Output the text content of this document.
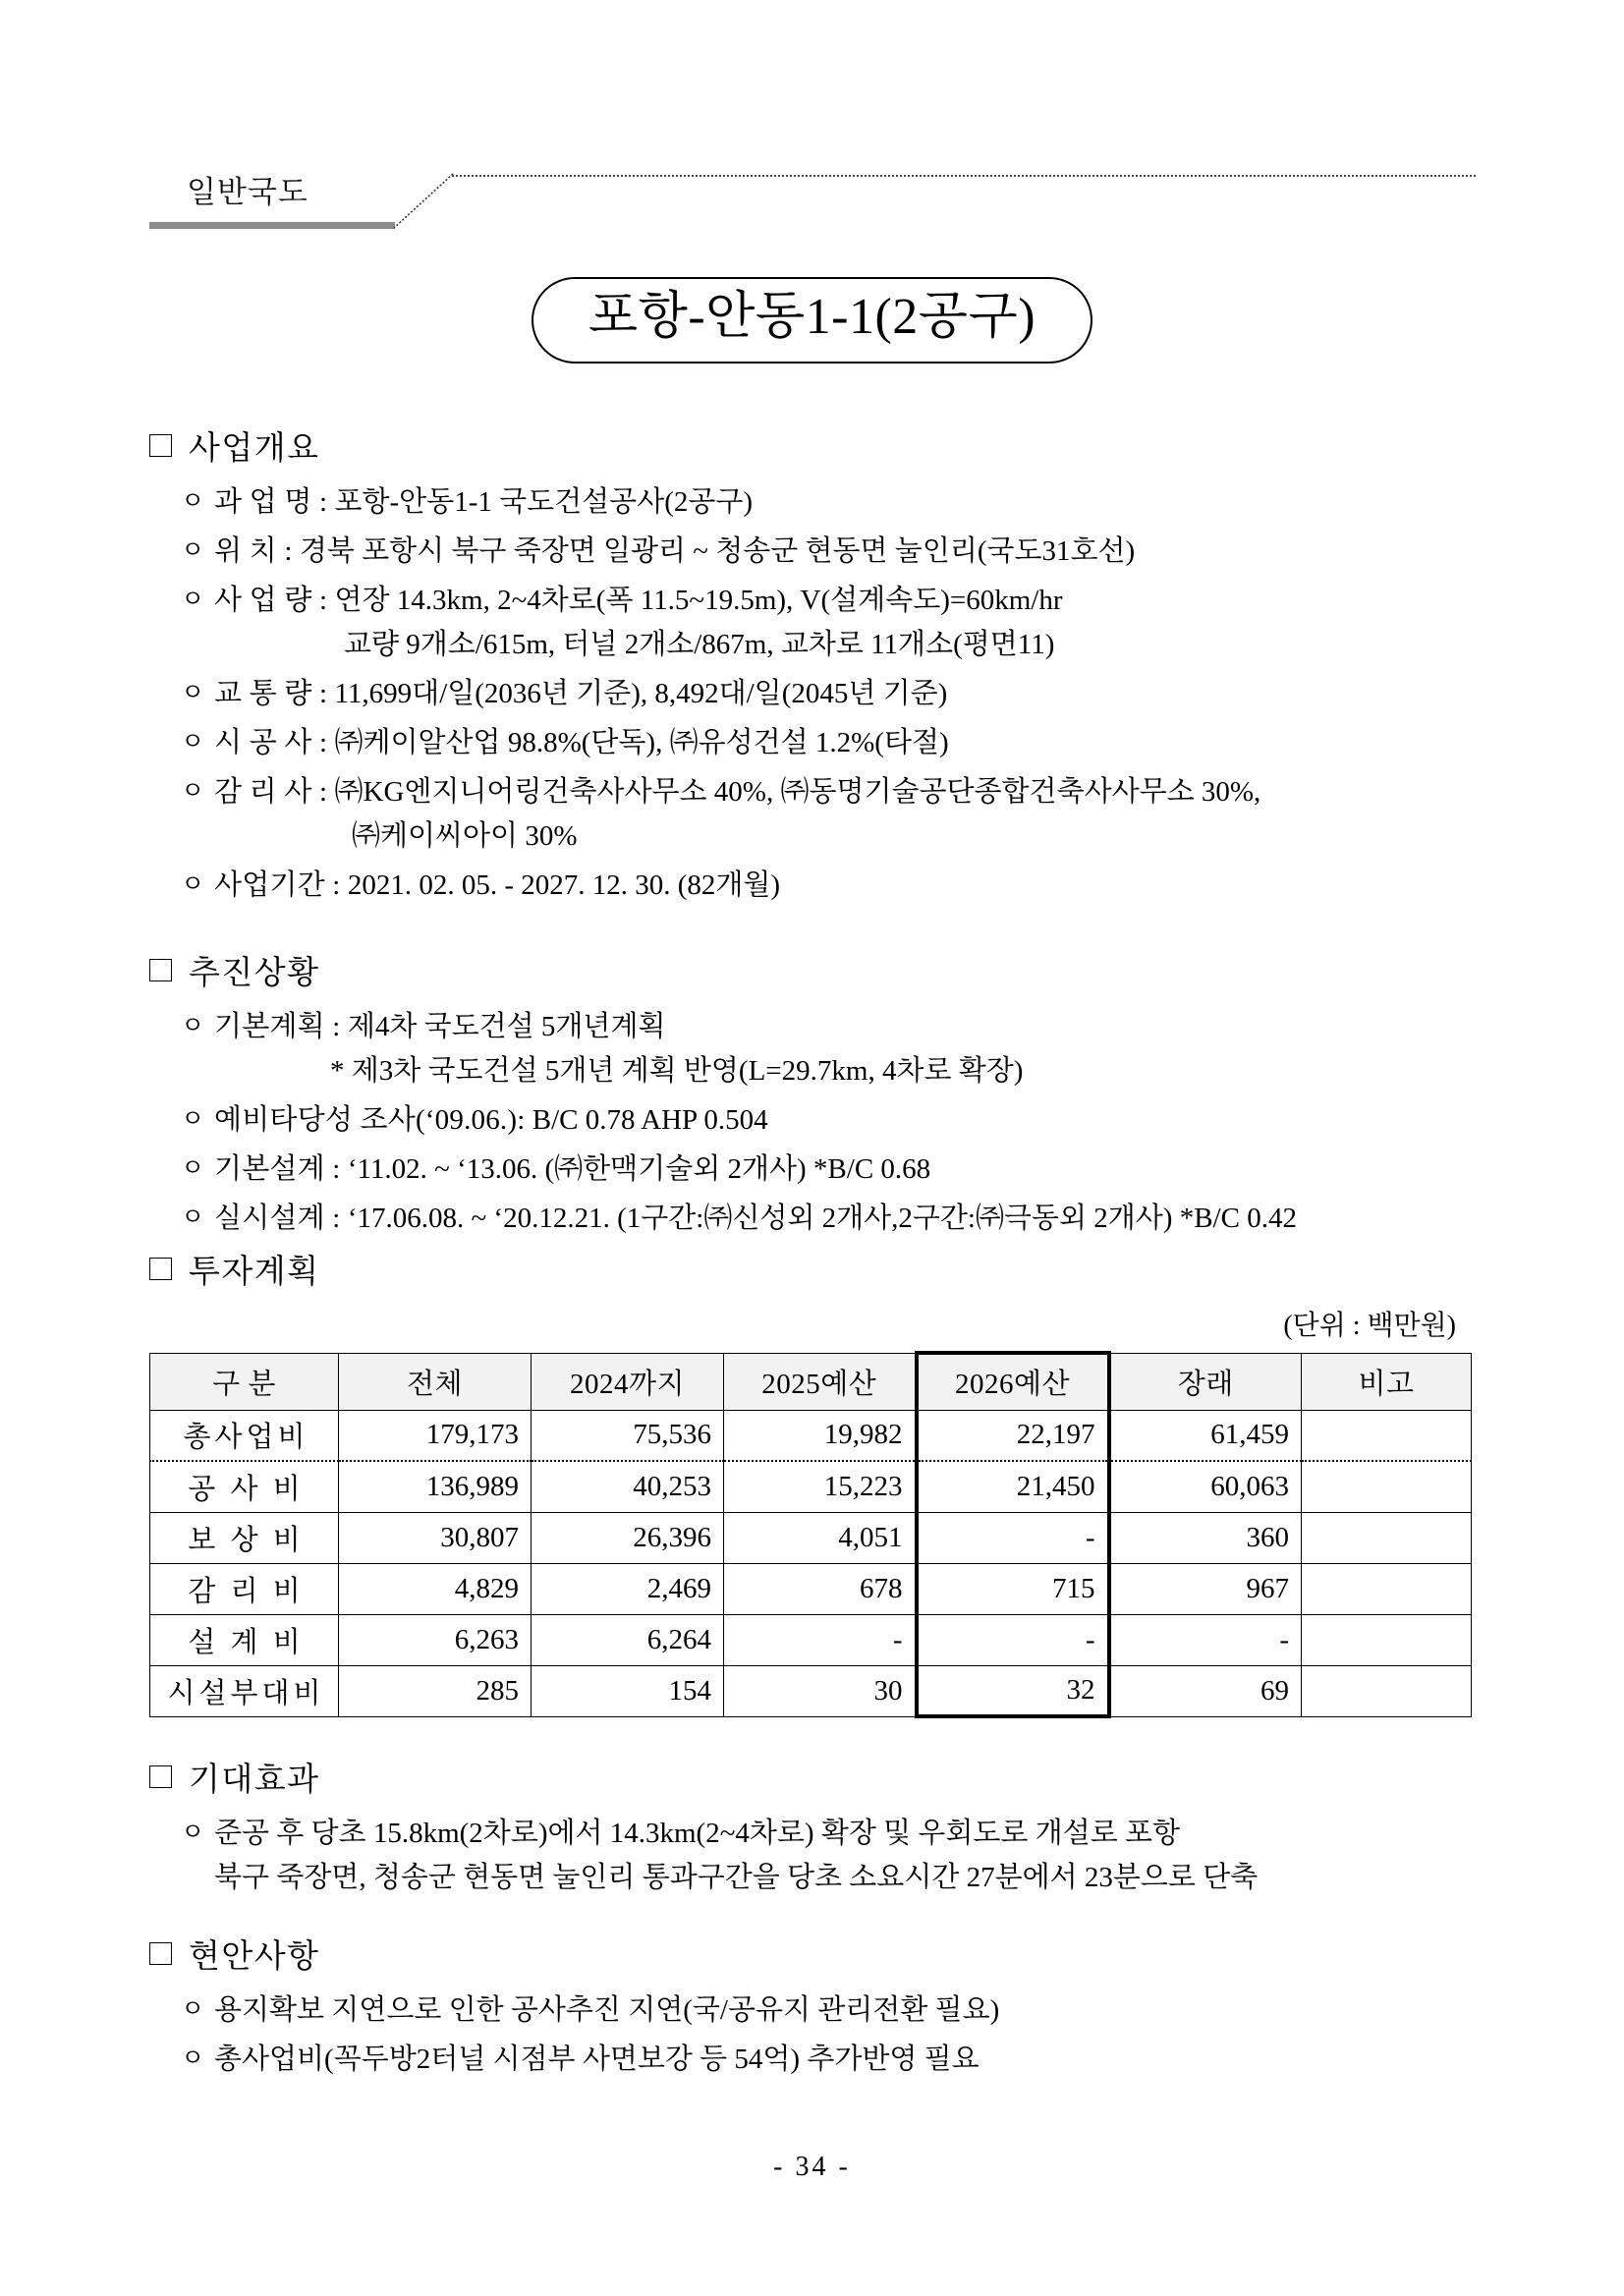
일반국도
포항-안동1-1(2공구)
사업개요
ㅇ 과 업 명 : 포항-안동1-1 국도건설공사(2공구)
ㅇ 위 치 : 경북 포항시 북구 죽장면 일광리 ~ 청송군 현동면 눌인리(국도31호선)
ㅇ 사 업 량 : 연장 14.3km, 2~4차로(폭 11.5~19.5m), V(설계속도)=60km/hr
교량 9개소/615m, 터널 2개소/867m, 교차로 11개소(평면11)
ㅇ 교 통 량 : 11,699대/일(2036년 기준), 8,492대/일(2045년 기준)
ㅇ 시 공 사 : ㈜케이알산업 98.8%(단독), ㈜유성건설 1.2%(타절)
ㅇ 감 리 사 : ㈜KG엔지니어링건축사사무소 40%, ㈜동명기술공단종합건축사사무소 30%,
㈜케이씨아이 30%
ㅇ 사업기간 : 2021. 02. 05. - 2027. 12. 30. (82개월)
추진상황
ㅇ 기본계획 : 제4차 국도건설 5개년계획
* 제3차 국도건설 5개년 계획 반영(L=29.7km, 4차로 확장)
ㅇ 예비타당성 조사(‘09.06.): B/C 0.78 AHP 0.504
ㅇ 기본설계 : ‘11.02. ~ ‘13.06. (㈜한맥기술외 2개사) *B/C 0.68
ㅇ 실시설계 : ‘17.06.08. ~ ‘20.12.21. (1구간:㈜신성외 2개사,2구간:㈜극동외 2개사) *B/C 0.42
투자계획
(단위 : 백만원)
구 분	전체	2024까지	2025예산	2026예산	장래	비고
총사업비	179,173	75,536	19,982	22,197	61,459	
공 사 비	136,989	40,253	15,223	21,450	60,063	
보 상 비	30,807	26,396	4,051	-	360	
감 리 비	4,829	2,469	678	715	967	
설 계 비	6,263	6,264	-	-	-	
시설부대비	285	154	30	32	69	
기대효과
ㅇ 준공 후 당초 15.8km(2차로)에서 14.3km(2~4차로) 확장 및 우회도로 개설로 포항
북구 죽장면, 청송군 현동면 눌인리 통과구간을 당초 소요시간 27분에서 23분으로 단축
현안사항
ㅇ 용지확보 지연으로 인한 공사추진 지연(국/공유지 관리전환 필요)
ㅇ 총사업비(꼭두방2터널 시점부 사면보강 등 54억) 추가반영 필요
- 34 -
